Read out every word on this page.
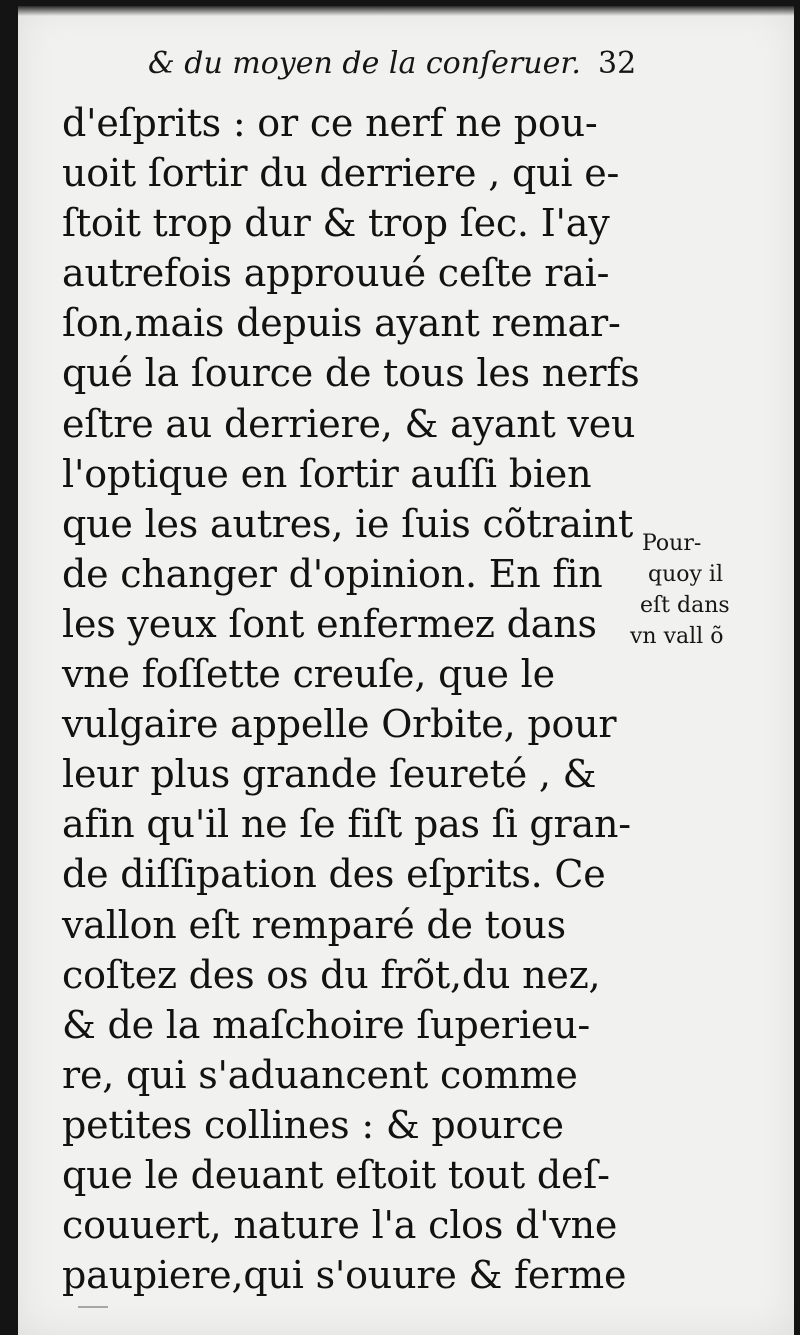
& du moyen de la conſeruer. 32
d'eſprits : or ce nerf ne pou-
uoit ſortir du derriere , qui e-
ſtoit trop dur & trop ſec. I'ay
autrefois approuué ceſte rai-
ſon,mais depuis ayant remar-
qué la ſource de tous les nerfs
eſtre au derriere, & ayant veu
l'optique en ſortir auſſi bien
que les autres, ie ſuis cõtraint
de changer d'opinion. En fin
les yeux ſont enfermez dans
vne foſſette creuſe, que le
vulgaire appelle Orbite, pour
leur plus grande ſeureté , &
afin qu'il ne ſe fiſt pas ſi gran-
de diſſipation des eſprits. Ce
vallon eſt remparé de tous
coſtez des os du frõt,du nez,
& de la maſchoire ſuperieu-
re, qui s'aduancent comme
petites collines : & pource
que le deuant eſtoit tout deſ-
couuert, nature l'a clos d'vne
paupiere,qui s'ouure & ferme
Pour-
quoy il
eſt dans
vn vall õ
